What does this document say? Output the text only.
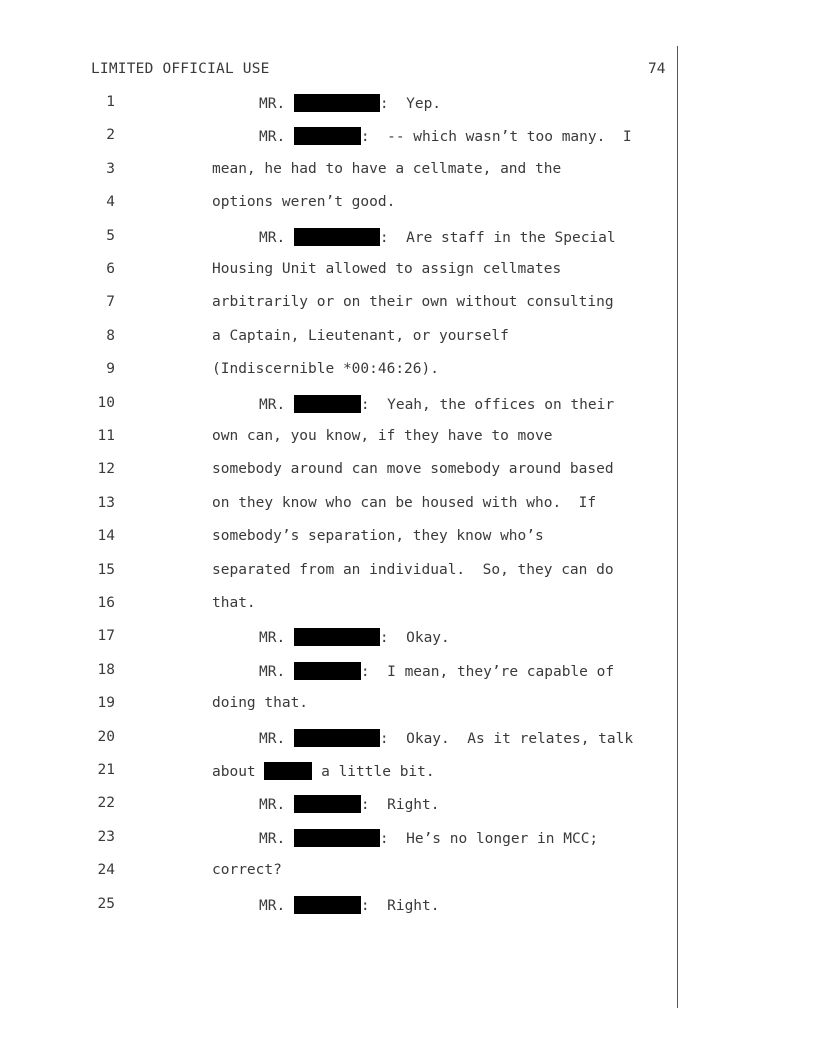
LIMITED OFFICIAL USE	74
1	MR.	:  Yep.
2	MR.	:  -- which wasn’t too many.  I
3	mean, he had to have a cellmate, and the
4	options weren’t good.
5	MR.	:  Are staff in the Special
6	Housing Unit allowed to assign cellmates
7	arbitrarily or on their own without consulting
8	a Captain, Lieutenant, or yourself
9	(Indiscernible *00:46:26).
10	MR.	:  Yeah, the offices on their
11	own can, you know, if they have to move
12	somebody around can move somebody around based
13	on they know who can be housed with who.  If
14	somebody’s separation, they know who’s
15	separated from an individual.  So, they can do
16	that.
17	MR.	:  Okay.
18	MR.	:  I mean, they’re capable of
19	doing that.
20	MR.	:  Okay.  As it relates, talk
21	about	a little bit.
22	MR.	:  Right.
23	MR.	:  He’s no longer in MCC;
24	correct?
25	MR.	:  Right.
